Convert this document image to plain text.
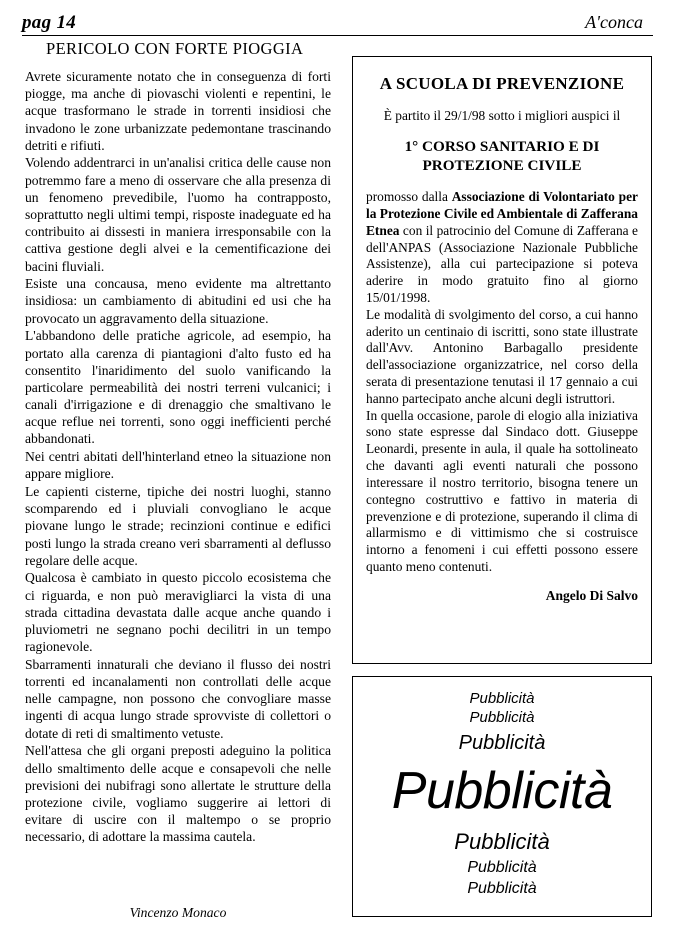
pag 14	A'conca
PERICOLO CON FORTE PIOGGIA

Avrete sicuramente notato che in conseguenza di forti piogge, ma anche di piovaschi violenti e repentini, le acque trasformano le strade in torrenti insidiosi che invadono le zone urbanizzate pedemontane trascinando detriti e rifiuti.

Volendo addentrarci in un'analisi critica delle cause non potremmo fare a meno di osservare che alla presenza di un fenomeno prevedibile, l'uomo ha contrapposto, soprattutto negli ultimi tempi, risposte inadeguate ed ha contribuito ai dissesti in maniera irresponsabile con la cattiva gestione degli alvei e la cementificazione dei bacini fluviali.

Esiste una concausa, meno evidente ma altrettanto insidiosa: un cambiamento di abitudini ed usi che ha provocato un aggravamento della situazione.

L'abbandono delle pratiche agricole, ad esempio, ha portato alla carenza di piantagioni d'alto fusto ed ha consentito l'inaridimento del suolo vanificando la particolare permeabilità dei nostri terreni vulcanici; i canali d'irrigazione e di drenaggio che smaltivano le acque reflue nei torrenti, sono oggi inefficienti perché abbandonati.

Nei centri abitati dell'hinterland etneo la situazione non appare migliore.

Le capienti cisterne, tipiche dei nostri luoghi, stanno scomparendo ed i pluviali convogliano le acque piovane lungo le strade; recinzioni continue e edifici posti lungo la strada creano veri sbarramenti al deflusso regolare delle acque.

Qualcosa è cambiato in questo piccolo ecosistema che ci riguarda, e non può meravigliarci la vista di una strada cittadina devastata dalle acque anche quando i pluviometri ne segnano pochi decilitri in un tempo ragionevole.

Sbarramenti innaturali che deviano il flusso dei nostri torrenti ed incanalamenti non controllati delle acque nelle campagne, non possono che convogliare masse ingenti di acqua lungo strade sprovviste di collettori o dotate di reti di smaltimento vetuste.

Nell'attesa che gli organi preposti adeguino la politica dello smaltimento delle acque e consapevoli che nelle previsioni dei nubifragi sono allertate le strutture della protezione civile, vogliamo suggerire ai lettori di evitare di uscire con il maltempo o se proprio necessario, di adottare la massima cautela.

Vincenzo Monaco
A SCUOLA DI PREVENZIONE
È partito il 29/1/98 sotto i migliori auspici il
1° CORSO SANITARIO E DI PROTEZIONE CIVILE

promosso dalla Associazione di Volontariato per la Protezione Civile ed Ambientale di Zafferana Etnea con il patrocinio del Comune di Zafferana e dell'ANPAS (Associazione Nazionale Pubbliche Assistenze), alla cui partecipazione si poteva aderire in modo gratuito fino al giorno 15/01/1998.
Le modalità di svolgimento del corso, a cui hanno aderito un centinaio di iscritti, sono state illustrate dall'Avv. Antonino Barbagallo presidente dell'associazione organizzatrice, nel corso della serata di presentazione tenutasi il 17 gennaio a cui hanno partecipato anche alcuni degli istruttori.
In quella occasione, parole di elogio alla iniziativa sono state espresse dal Sindaco dott. Giuseppe Leonardi, presente in aula, il quale ha sottolineato che davanti agli eventi naturali che possono interessare il nostro territorio, bisogna tenere un contegno costruttivo e fattivo in materia di prevenzione e di protezione, superando il clima di allarmismo e di vittimismo che si costruisce intorno a fenomeni i cui effetti possono essere quanto meno contenuti.

Angelo Di Salvo
Pubblicità
Pubblicità
Pubblicità
Pubblicità
Pubblicità
Pubblicità
Pubblicità
